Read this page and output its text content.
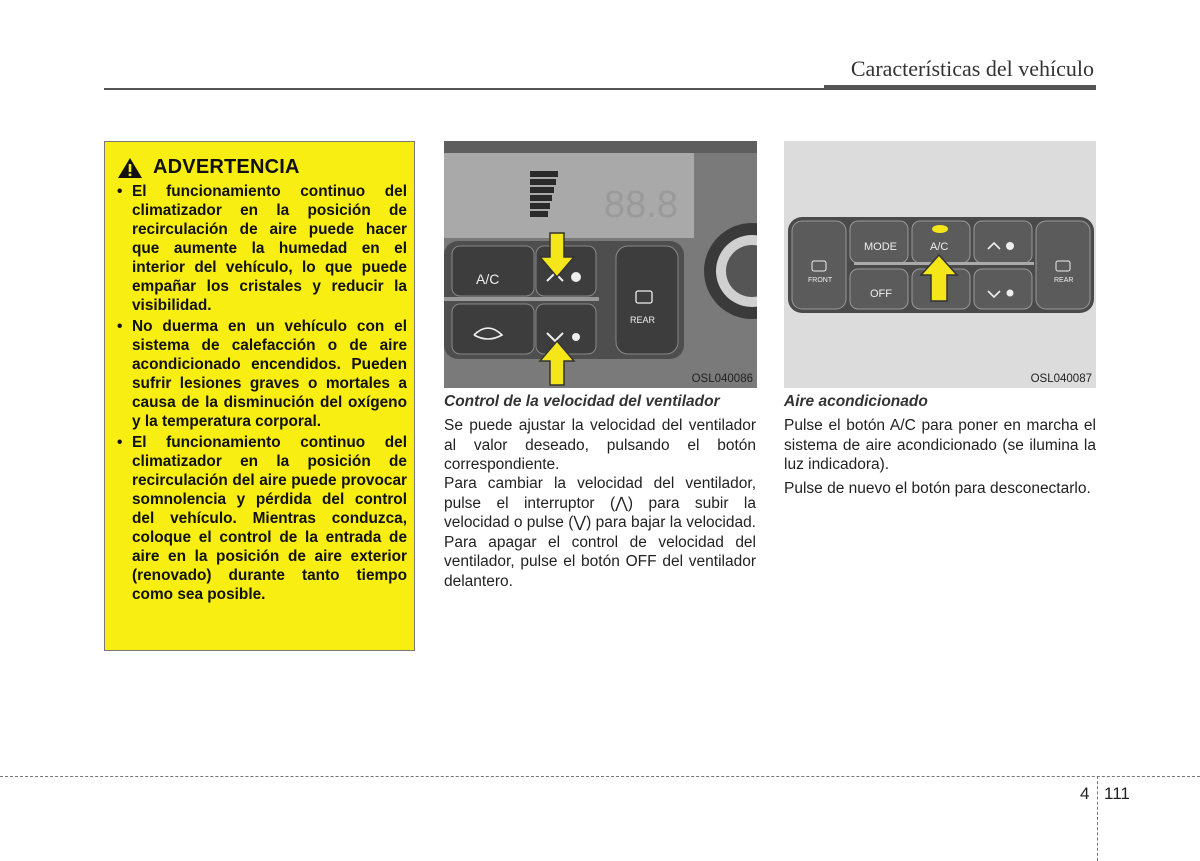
Características del vehículo
ADVERTENCIA
• El funcionamiento continuo del climatizador en la posición de recirculación de aire puede hacer que aumente la humedad en el interior del vehículo, lo que puede empañar los cristales y reducir la visibilidad.
• No duerma en un vehículo con el sistema de calefacción o de aire acondicionado encendidos. Pueden sufrir lesiones graves o mortales a causa de la disminución del oxígeno y la temperatura corporal.
• El funcionamiento continuo del climatizador en la posición de recirculación del aire puede provocar somnolencia y pérdida del control del vehículo. Mientras conduzca, coloque el control de la entrada de aire en la posición de aire exterior (renovado) durante tanto tiempo como sea posible.
88.8
A/C
REAR
OSL040086
MODE	A/C
OFF
FRONT	REAR
OSL040087
Control de la velocidad del ventilador

Se puede ajustar la velocidad del ventilador al valor deseado, pulsando el botón correspondiente.

Para cambiar la velocidad del ventilador, pulse el interruptor (⋀) para subir la velocidad o pulse (⋁) para bajar la velocidad. Para apagar el control de velocidad del ventilador, pulse el botón OFF del ventilador delantero.

Aire acondicionado

Pulse el botón A/C para poner en marcha el sistema de aire acondicionado (se ilumina la luz indicadora).

Pulse de nuevo el botón para desconectarlo.

4 111
